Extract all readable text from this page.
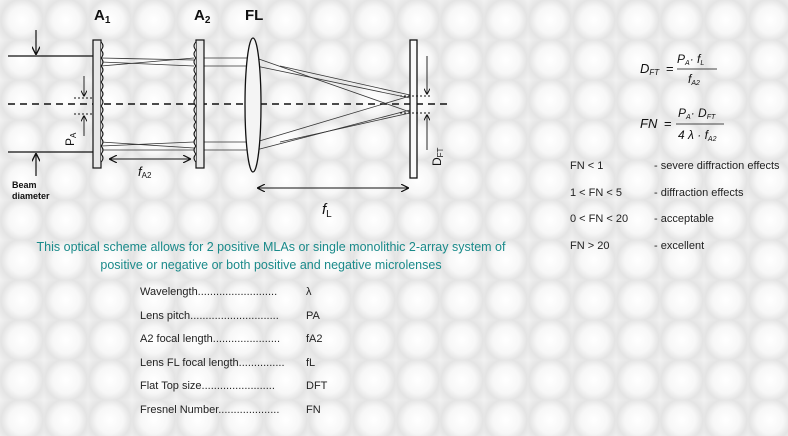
$A_1$	$A_2$ FL
PA
DFT
Beam
diameter
fA2
$f_L$
DFT =
PA· fL
fA2
FN =
PA· DFT
4 λ · fA2
FN < 1	- severe diffraction effects
1 < FN < 5	- diffraction effects
0 < FN < 20 - acceptable
FN > 20	- excellent
This optical scheme allows for 2 positive MLAs or single monolithic 2-array system of
positive or negative or both positive and negative microlenses
Wavelength..........................	λ
Lens pitch............................. PA
A2 focal length...................... fA2
Lens FL focal length............... fL
Flat Top size........................	DFT
Fresnel Number.................... FN
